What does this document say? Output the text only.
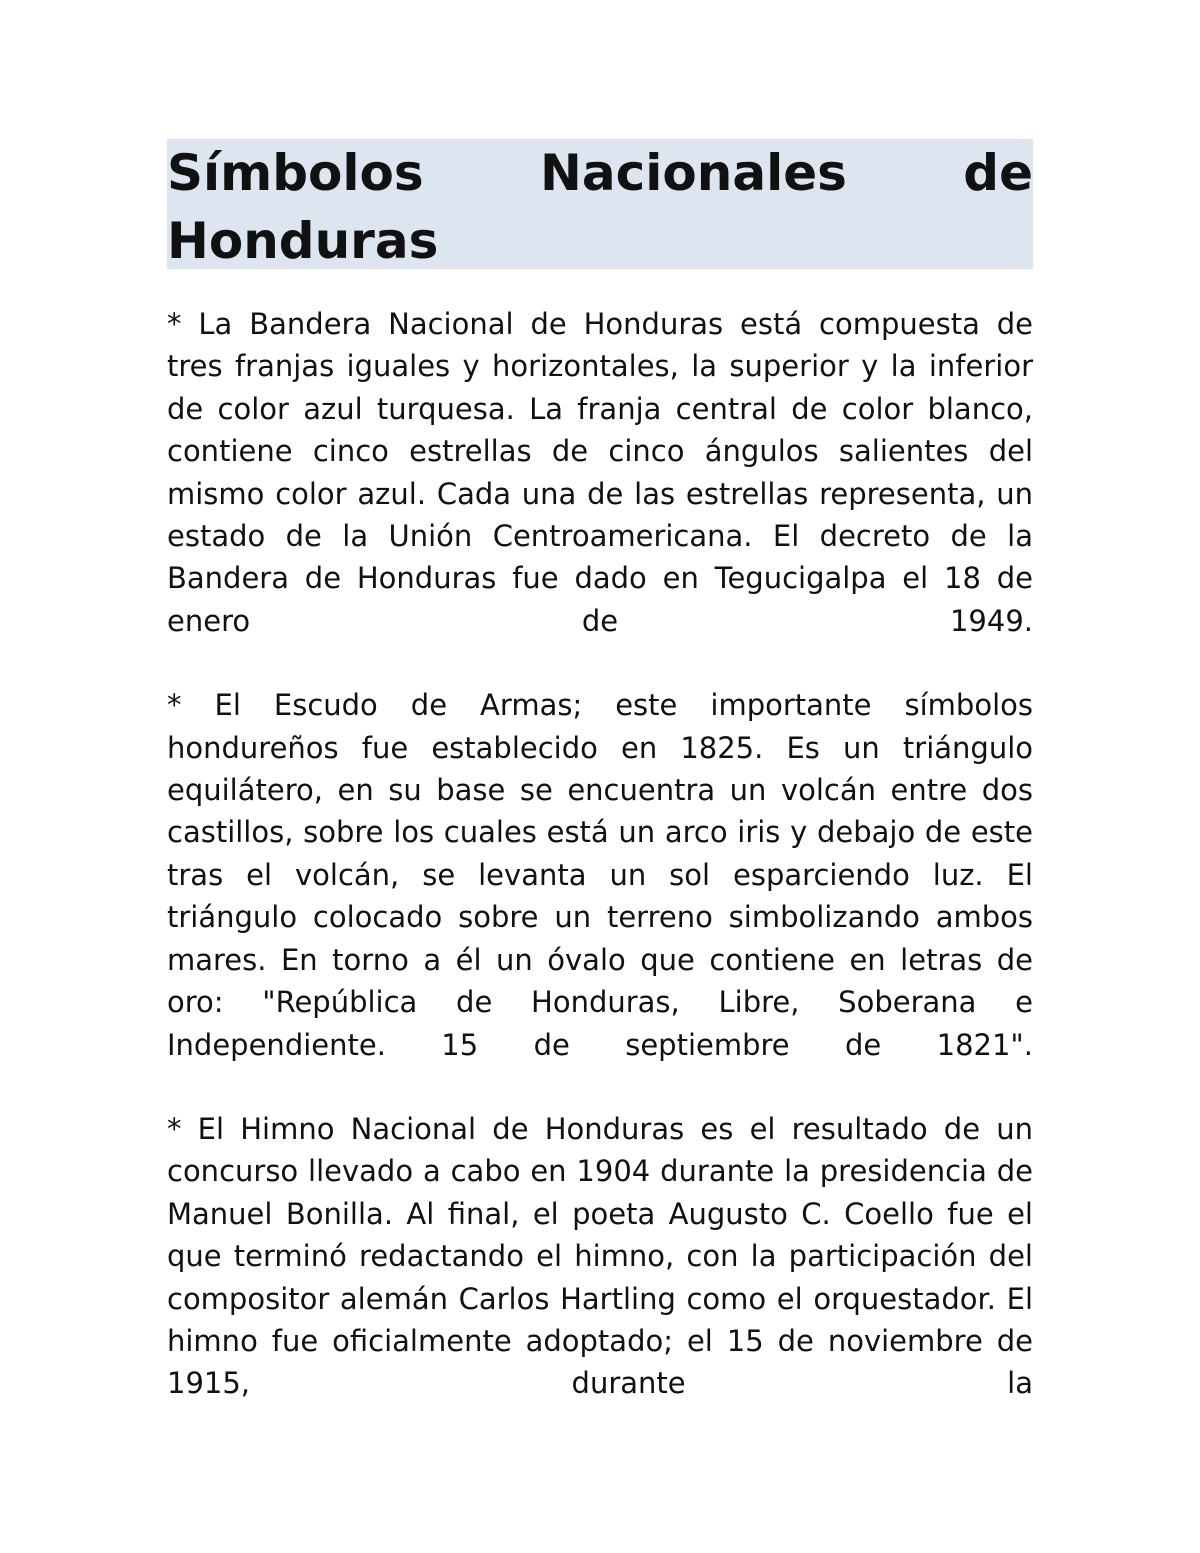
Símbolos Nacionales de Honduras

* La Bandera Nacional de Honduras está compuesta de tres franjas iguales y horizontales, la superior y la inferior de color azul turquesa. La franja central de color blanco, contiene cinco estrellas de cinco ángulos salientes del mismo color azul. Cada una de las estrellas representa, un estado de la Unión Centroamericana. El decreto de la Bandera de Honduras fue dado en Tegucigalpa el 18 de enero de 1949.

* El Escudo de Armas; este importante símbolos hondureños fue establecido en 1825. Es un triángulo equilátero, en su base se encuentra un volcán entre dos castillos, sobre los cuales está un arco iris y debajo de este tras el volcán, se levanta un sol esparciendo luz. El triángulo colocado sobre un terreno simbolizando ambos mares. En torno a él un óvalo que contiene en letras de oro: "República de Honduras, Libre, Soberana e Independiente. 15 de septiembre de 1821".

* El Himno Nacional de Honduras es el resultado de un concurso llevado a cabo en 1904 durante la presidencia de Manuel Bonilla. Al final, el poeta Augusto C. Coello fue el que terminó redactando el himno, con la participación del compositor alemán Carlos Hartling como el orquestador. El himno fue oficialmente adoptado; el 15 de noviembre de 1915, durante la
